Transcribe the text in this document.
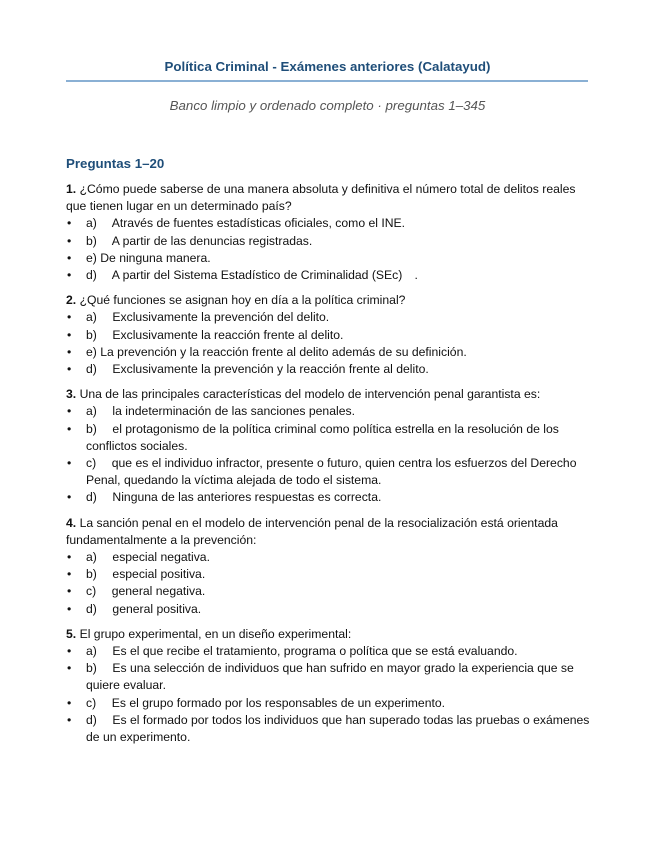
Política Criminal - Exámenes anteriores (Calatayud)
Banco limpio y ordenado completo · preguntas 1–345
Preguntas 1–20

1. ¿Cómo puede saberse de una manera absoluta y definitiva el número total de delitos reales que tienen lugar en un determinado país?

• a)  Através de fuentes estadísticas oficiales, como el INE.
• b)  A partir de las denuncias registradas.
• e) De ninguna manera.
• d)  A partir del Sistema Estadístico de Criminalidad (SEc) .

2. ¿Qué funciones se asignan hoy en día a la política criminal?

• a)  Exclusivamente la prevención del delito.
• b)  Exclusivamente la reacción frente al delito.
• e) La prevención y la reacción frente al delito además de su definición.
• d)  Exclusivamente la prevención y la reacción frente al delito.

3. Una de las principales características del modelo de intervención penal garantista es:

• a)  la indeterminación de las sanciones penales.
• b)  el protagonismo de la política criminal como política estrella en la resolución de los conflictos sociales.
• c)  que es el individuo infractor, presente o futuro, quien centra los esfuerzos del Derecho Penal, quedando la víctima alejada de todo el sistema.
• d)  Ninguna de las anteriores respuestas es correcta.

4. La sanción penal en el modelo de intervención penal de la resocialización está orientada fundamentalmente a la prevención:

• a)  especial negativa.
• b)  especial positiva.
• c)  general negativa.
• d)  general positiva.

5. El grupo experimental, en un diseño experimental:

• a)  Es el que recibe el tratamiento, programa o política que se está evaluando.
• b)  Es una selección de individuos que han sufrido en mayor grado la experiencia que se quiere evaluar.
• c)  Es el grupo formado por los responsables de un experimento.
• d)  Es el formado por todos los individuos que han superado todas las pruebas o exámenes de un experimento.
